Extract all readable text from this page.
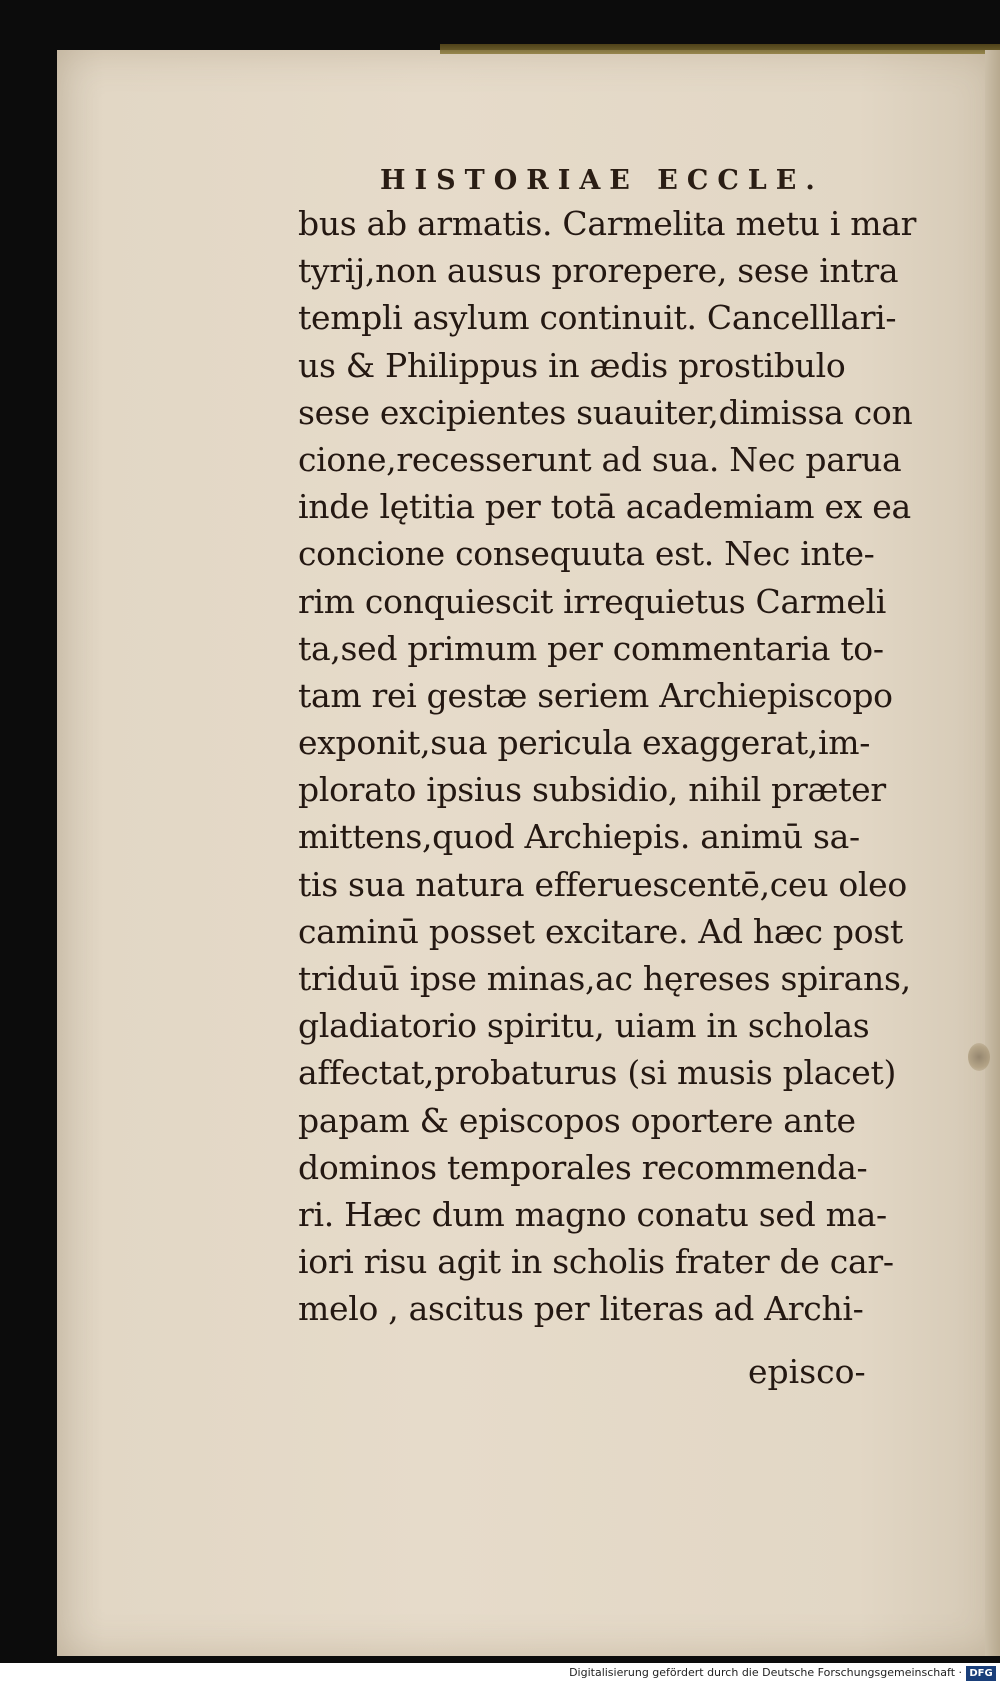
HISTORIAE ECCLE.
bus ab armatis. Carmelita metu i mar
tyrij,non ausus prorepere, sese intra
templi asylum continuit. Cancelllari-
us & Philippus in ædis prostibulo
sese excipientes suauiter,dimissa con
cione,recesserunt ad sua. Nec parua
inde lętitia per totā academiam ex ea
concione consequuta est. Nec inte-
rim conquiescit irrequietus Carmeli
ta,sed primum per commentaria to-
tam rei gestæ seriem Archiepiscopo
exponit,sua pericula exaggerat,im-
plorato ipsius subsidio, nihil præter
mittens,quod Archiepis. animū sa-
tis sua natura efferuescentē,ceu oleo
caminū posset excitare. Ad hæc post
triduū ipse minas,ac hęreses spirans,
gladiatorio spiritu, uiam in scholas
affectat,probaturus (si musis placet)
papam & episcopos oportere ante
dominos temporales recommenda-
ri. Hæc dum magno conatu sed ma-
iori risu agit in scholis frater de car-
melo , ascitus per literas ad Archi-
episco-
Digitalisierung gefördert durch die Deutsche Forschungsgemeinschaft · DFG
